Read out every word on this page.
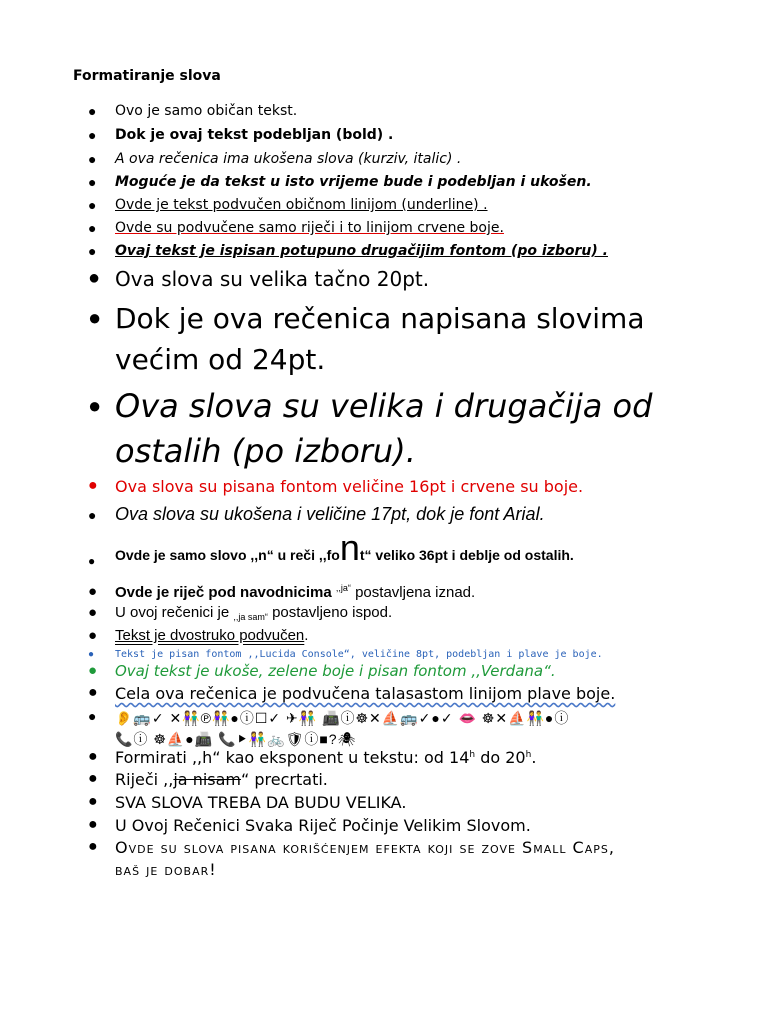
Formatiranje slova
● Ovo je samo običan tekst.
● Dok je ovaj tekst podebljan (bold) .
● A ova rečenica ima ukošena slova (kurziv, italic) .
● Moguće je da tekst u isto vrijeme bude i podebljan i ukošen.
● Ovde je tekst podvučen običnom linijom (underline) .
● Ovde su podvučene samo riječi i to linijom crvene boje.
● Ovaj tekst je ispisan potupuno drugačijim fontom (po izboru) .
● Ova slova su velika tačno 20pt.
● Dok je ova rečenica napisana slovima
većim od 24pt.
● Ova slova su velika i drugačija od
ostalih (po izboru).
● Ova slova su pisana fontom veličine 16pt i crvene su boje.
● Ova slova su ukošena i veličine 17pt, dok je font Arial.
● Ovde je samo slovo ,,n“ u reči ,,font“ veliko 36pt i deblje od ostalih.
● Ovde je riječ pod navodnicima $^{,,ja“}$ postavljena iznad.
● U ovoj rečenici je $_{,,ja sam“}$ postavljeno ispod.
● Tekst je dvostruko podvučen.
● Tekst je pisan fontom ,,Lucida Console“, veličine 8pt, podebljan i plave je boje.
● Ovaj tekst je ukoše, zelene boje i pisan fontom ,,Verdana“.
● Cela ova rečenica je podvučena talasastom linijom plave boje.
● 👂🚌✓ ✕👫℗👫●ⓘ☐✓ ✈👫 📠ⓘ☸✕⛵🚌✓●✓ 👄 ☸✕⛵👫●ⓘ
📞ⓘ ☸⛵●📠 📞⯈👫🚲🛡ⓘ■?🕷
● Formirati ,,h“ kao eksponent u tekstu: od 14$^h$ do 20$^h$.
● Riječi ,,ja nisam“ precrtati.
● SVA SLOVA TREBA DA BUDU VELIKA.
● U Ovoj Rečenici Svaka Riječ Počinje Velikim Slovom.
● Ovde su slova pisana korišćenjem efekta koji se zove Small Caps,
baš je dobar!
